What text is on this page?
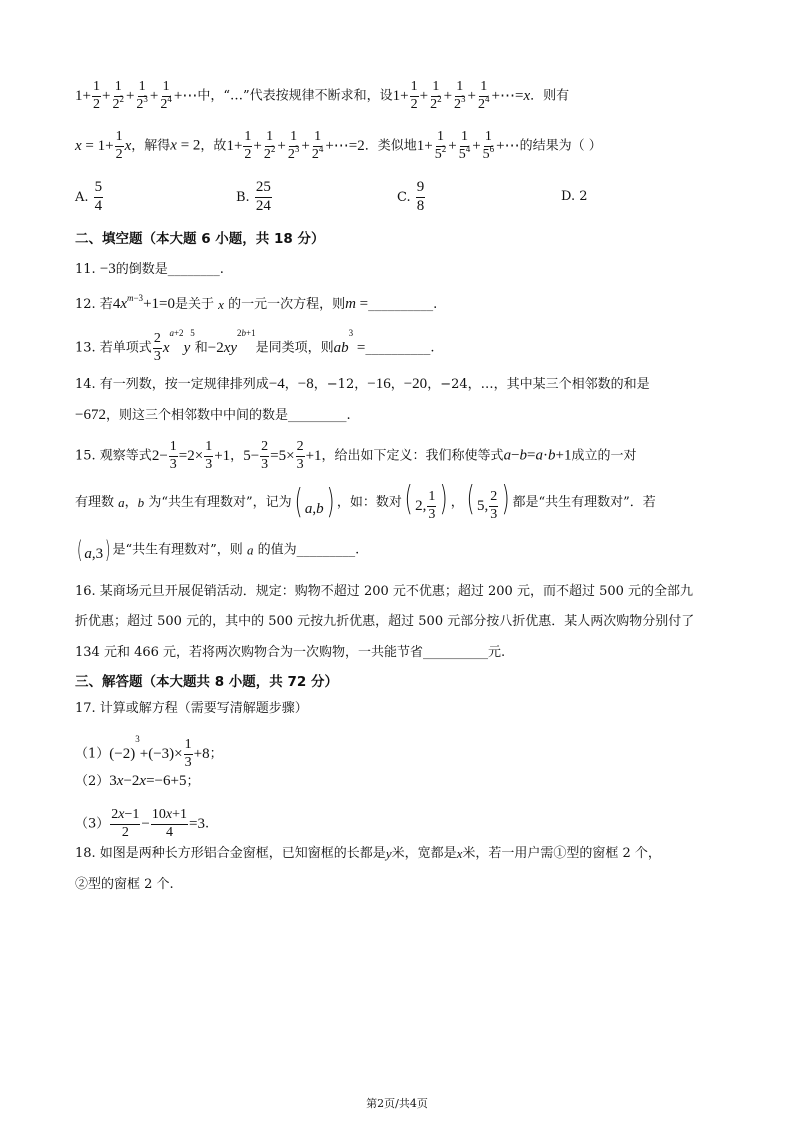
$1+ \frac{1}{2} + \frac{1}{2^2} + \frac{1}{2^3} + \frac{1}{2^4}$ +⋯中，“…”代表按规律不断求和，设$1+ \frac{1}{2} + \frac{1}{2^2} + \frac{1}{2^3} + \frac{1}{2^4}$ +⋯=x．则有
$x = 1+ \frac{1}{2}$ x，解得x = 2，故$1+ \frac{1}{2} + \frac{1}{2^2} + \frac{1}{2^3} + \frac{1}{2^4}$ +⋯=2．类似地$1+ \frac{1}{5^2} + \frac{1}{5^4} + \frac{1}{5^6}$ +⋯的结果为（ ）
A. $\frac{5}{4}$	B. $\frac{25}{24}$	C. $\frac{9}{8}$	D. 2
二、填空题（本大题 6 小题，共 18 分）
11. −3的倒数是________.
12. 若$4x^{m-3}+1=0$是关于 x 的一元一次方程，则m =__________.
13. 若单项式 $\frac{2}{3} x^{a+2}y^5$和$-2xy^{2b+1}$是同类项，则$ab^3$ =__________.
14. 有一列数，按一定规律排列成−4，−8，−12，−16，−20，−24，…，其中某三个相邻数的和是
−672，则这三个相邻数中中间的数是_________.
15. 观察等式$2- \frac{1}{3} =2\times \frac{1}{3} +1$，$5- \frac{2}{3} =5\times \frac{2}{3} +1$，给出如下定义：我们称使等式a−b=a·b+1成立的一对
有理数 a，b 为“共生有理数对”，记为( a,b) ，如：数对( 2, $\frac{1}{3}$ ) ，( 5, $\frac{2}{3}$ ) 都是“共生有理数对”．若
( a,3) 是“共生有理数对”，则 a 的值为_________.
16. 某商场元旦开展促销活动．规定：购物不超过 200 元不优惠；超过 200 元，而不超过 500 元的全部九
折优惠；超过 500 元的，其中的 500 元按九折优惠，超过 500 元部分按八折优惠．某人两次购物分别付了
134 元和 466 元，若将两次购物合为一次购物，一共能节省__________元.
三、解答题（本大题共 8 小题，共 72 分）
17. 计算或解方程（需要写清解题步骤）
$(1)(-2)^3+(-3)\times \frac{1}{3} +8$；
（2）3x−2x=−6+5；
$(3) \frac{2x-1}{2} - \frac{10x+1}{4} =3$.
18. 如图是两种长方形铝合金窗框，已知窗框的长都是y米，宽都是x米，若一用户需①型的窗框 2 个，
②型的窗框 2 个.
第2页/共4页
